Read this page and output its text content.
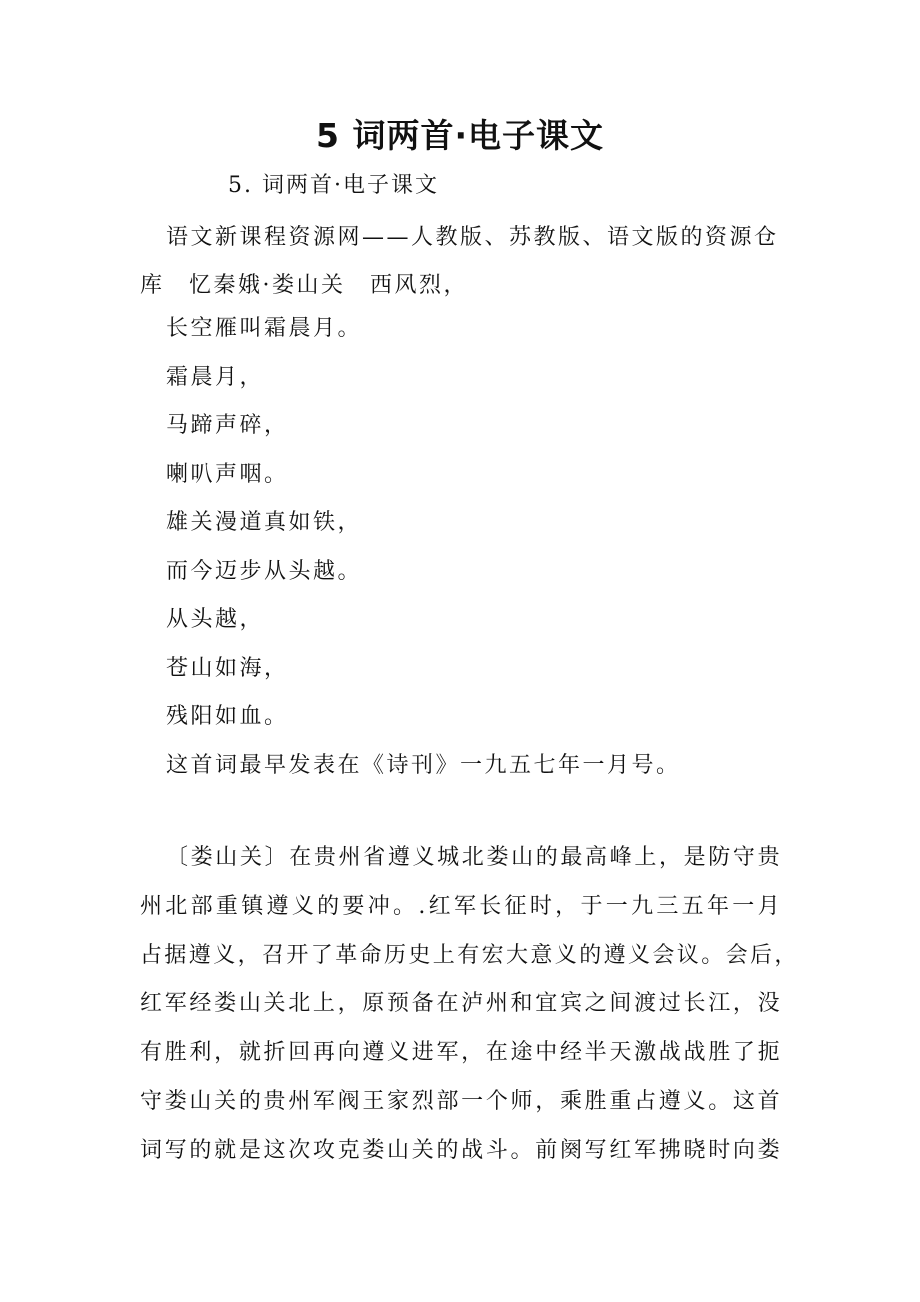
5 词两首·电子课文
5. 词两首·电子课文
语文新课程资源网——人教版、苏教版、语文版的资源仓库　忆秦娥·娄山关　西风烈，
长空雁叫霜晨月。
霜晨月，
马蹄声碎，
喇叭声咽。
雄关漫道真如铁，
而今迈步从头越。
从头越，
苍山如海，
残阳如血。
这首词最早发表在《诗刊》一九五七年一月号。
〔娄山关〕在贵州省遵义城北娄山的最高峰上，是防守贵
州北部重镇遵义的要冲。.红军长征时，于一九三五年一月
占据遵义，召开了革命历史上有宏大意义的遵义会议。会后，
红军经娄山关北上，原预备在泸州和宜宾之间渡过长江，没
有胜利，就折回再向遵义进军，在途中经半天激战战胜了扼
守娄山关的贵州军阀王家烈部一个师，乘胜重占遵义。这首
词写的就是这次攻克娄山关的战斗。前阕写红军拂晓时向娄
